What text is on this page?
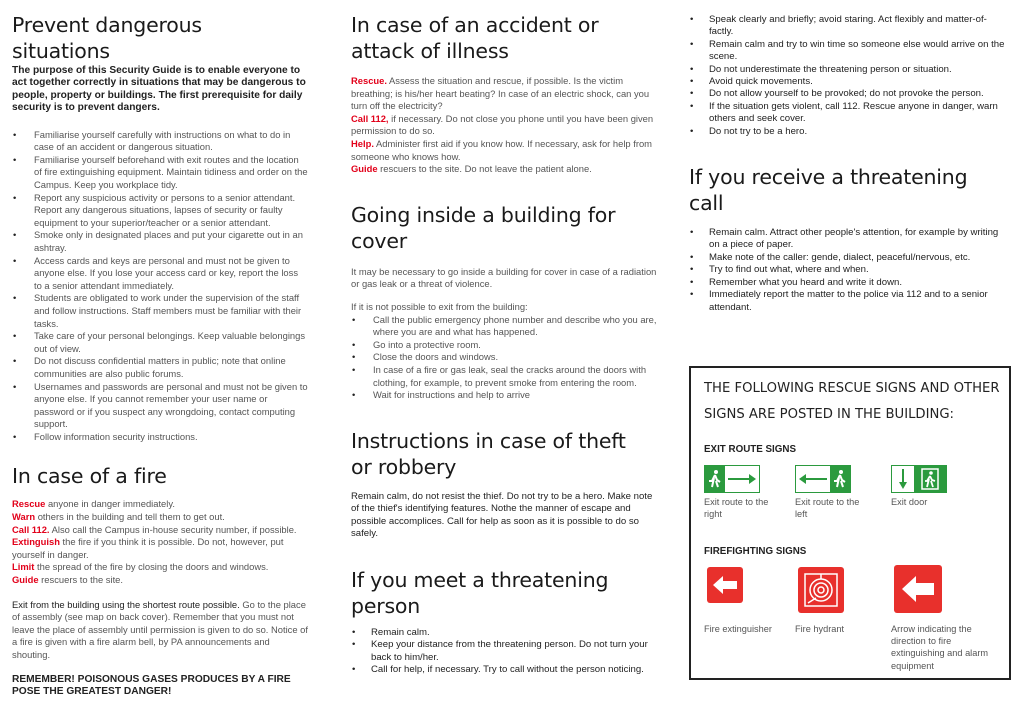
Prevent dangerous situations

The purpose of this Security Guide is to enable everyone to act together correctly in situations that may be dangerous to people, property or buildings. The first prerequisite for daily security is to prevent dangers.

• Familiarise yourself carefully with instructions on what to do in case of an accident or dangerous situation.
• Familiarise yourself beforehand with exit routes and the location of fire extinguishing equipment. Maintain tidiness and order on the Campus. Keep you workplace tidy.
• Report any suspicious activity or persons to a senior attendant. Report any dangerous situations, lapses of security or faulty equipment to your superior/teacher or a senior attendant.
• Smoke only in designated places and put your cigarette out in an ashtray.
• Access cards and keys are personal and must not be given to anyone else. If you lose your access card or key, report the loss to a senior attendant immediately.
• Students are obligated to work under the supervision of the staff and follow instructions. Staff members must be familiar with their tasks.
• Take care of your personal belongings. Keep valuable belongings out of view.
• Do not discuss confidential matters in public; note that online communities are also public forums.
• Usernames and passwords are personal and must not be given to anyone else. If you cannot remember your user name or password or if you suspect any wrongdoing, contact computing support.
• Follow information security instructions.
In case of a fire

Rescue anyone in danger immediately.

Warn others in the building and tell them to get out.

Call 112. Also call the Campus in-house security number, if possible.

Extinguish the fire if you think it is possible. Do not, however, put yourself in danger.

Limit the spread of the fire by closing the doors and windows.

Guide rescuers to the site.

Exit from the building using the shortest route possible. Go to the place of assembly (see map on back cover). Remember that you must not leave the place of assembly until permission is given to do so. Notice of a fire is given with a fire alarm bell, by PA announcements and shouting.

REMEMBER! POISONOUS GASES PRODUCES BY A FIRE POSE THE GREATEST DANGER!

In case of an accident or attack of illness

Rescue. Assess the situation and rescue, if possible. Is the victim breathing; is his/her heart beating? In case of an electric shock, can you turn off the electricity?

Call 112, if necessary. Do not close you phone until you have been given permission to do so.

Help. Administer first aid if you know how. If necessary, ask for help from someone who knows how.

Guide rescuers to the site. Do not leave the patient alone.

Going inside a building for cover

It may be necessary to go inside a building for cover in case of a radiation or gas leak or a threat of violence.

If it is not possible to exit from the building:

• Call the public emergency phone number and describe who you are, where you are and what has happened.
• Go into a protective room.
• Close the doors and windows.
• In case of a fire or gas leak, seal the cracks around the doors with clothing, for example, to prevent smoke from entering the room.
• Wait for instructions and help to arrive
Instructions in case of theft or robbery

Remain calm, do not resist the thief. Do not try to be a hero. Make note of the thief's identifying features. Nothe the manner of escape and possible accomplices. Call for help as soon as it is possible to do so safely.

If you meet a threatening person
• Remain calm.
• Keep your distance from the threatening person. Do not turn your back to him/her.
• Call for help, if necessary. Try to call without the person noticing.
• Speak clearly and briefly; avoid staring. Act flexibly and matter-of-factly.
• Remain calm and try to win time so someone else would arrive on the scene.
• Do not underestimate the threatening person or situation.
• Avoid quick movements.
• Do not allow yourself to be provoked; do not provoke the person.
• If the situation gets violent, call 112. Rescue anyone in danger, warn others and seek cover.
• Do not try to be a hero.
If you receive a threatening call
• Remain calm. Attract other people's attention, for example by writing on a piece of paper.
• Make note of the caller: gende, dialect, peaceful/nervous, etc.
• Try to find out what, where and when.
• Remember what you heard and write it down.
• Immediately report the matter to the police via 112 and to a senior attendant.
THE FOLLOWING RESCUE SIGNS AND OTHER SIGNS ARE POSTED IN THE BUILDING:
EXIT ROUTE SIGNS
Exit route to the right
Exit route to the left
Exit door
FIREFIGHTING SIGNS
Fire extinguisher	Fire hydrant	Arrow indicating the direction to fire extinguishing and alarm equipment
